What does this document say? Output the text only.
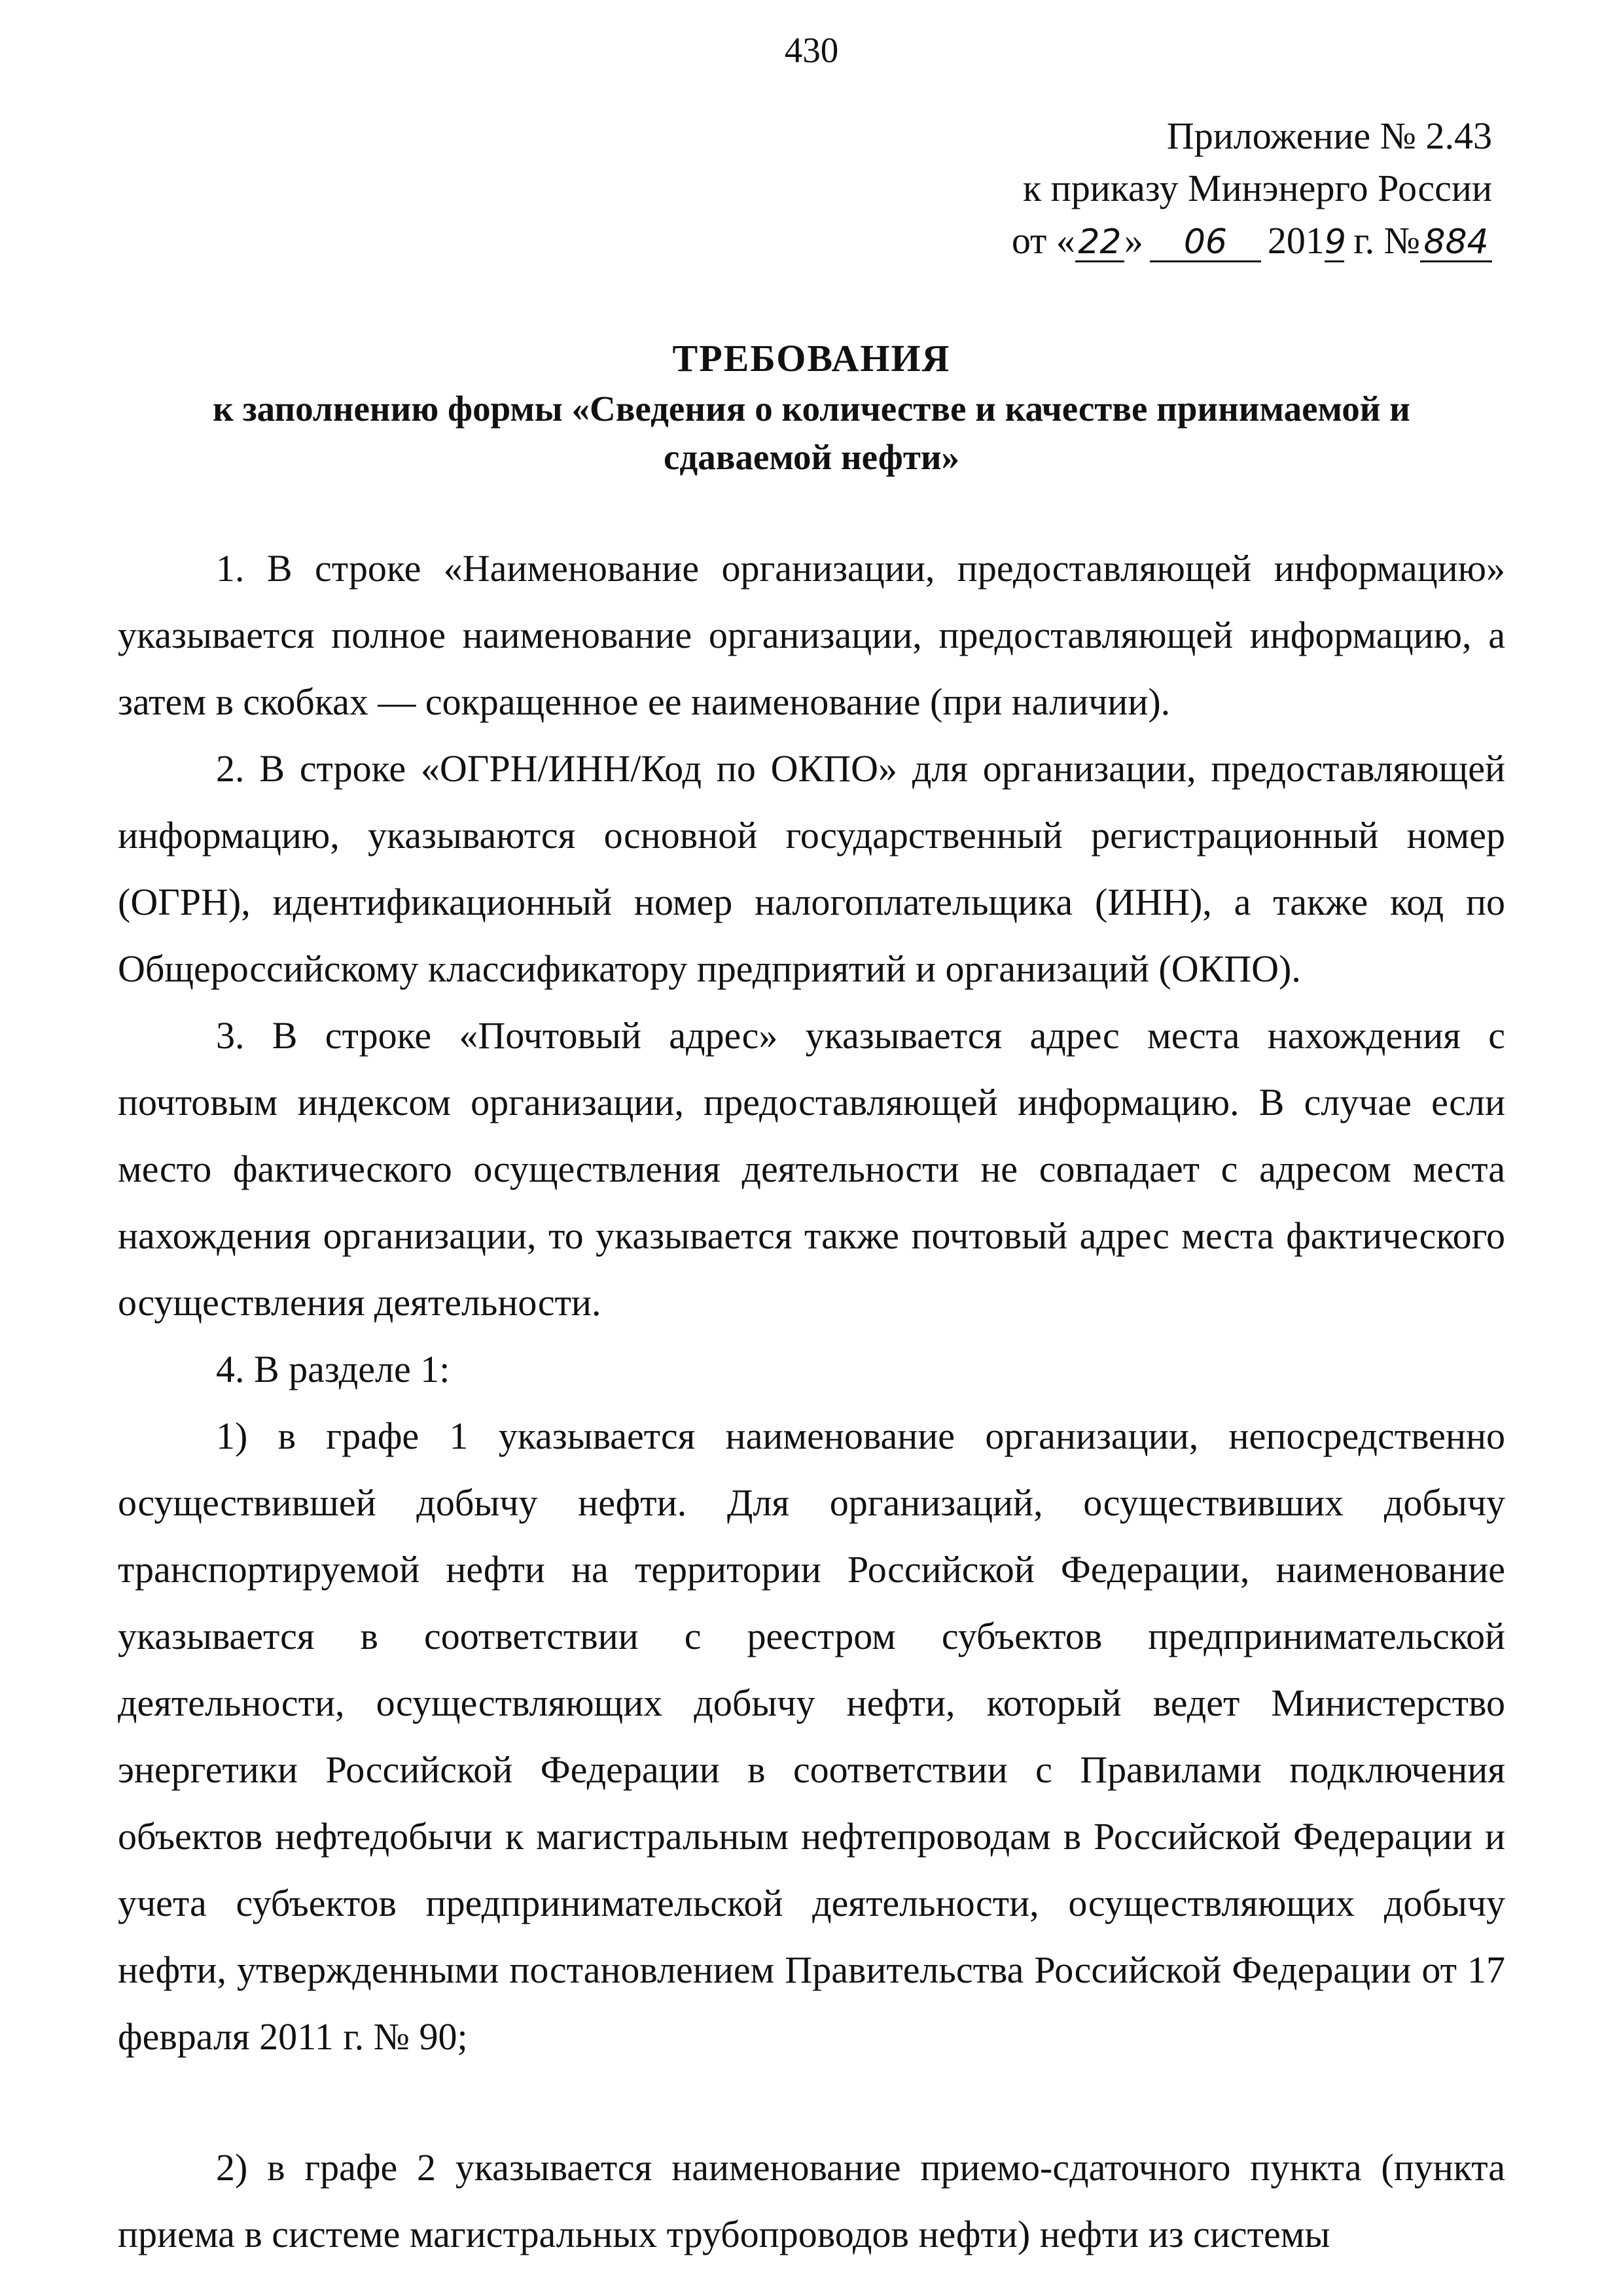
430
Приложение № 2.43
к приказу Минэнерго России
от «22» 06 2019 г. № 884
ТРЕБОВАНИЯ
к заполнению формы «Сведения о количестве и качестве принимаемой и
сдаваемой нефти»

1. В строке «Наименование организации, предоставляющей информацию» указывается полное наименование организации, предоставляющей информацию, а затем в скобках — сокращенное ее наименование (при наличии).

2. В строке «ОГРН/ИНН/Код по ОКПО» для организации, предоставляющей информацию, указываются основной государственный регистрационный номер (ОГРН), идентификационный номер налогоплательщика (ИНН), а также код по Общероссийскому классификатору предприятий и организаций (ОКПО).

3. В строке «Почтовый адрес» указывается адрес места нахождения с почтовым индексом организации, предоставляющей информацию. В случае если место фактического осуществления деятельности не совпадает с адресом места нахождения организации, то указывается также почтовый адрес места фактического осуществления деятельности.

4. В разделе 1:

1) в графе 1 указывается наименование организации, непосредственно осуществившей добычу нефти. Для организаций, осуществивших добычу транспортируемой нефти на территории Российской Федерации, наименование указывается в соответствии с реестром субъектов предпринимательской деятельности, осуществляющих добычу нефти, который ведет Министерство энергетики Российской Федерации в соответствии с Правилами подключения объектов нефтедобычи к магистральным нефтепроводам в Российской Федерации и учета субъектов предпринимательской деятельности, осуществляющих добычу нефти, утвержденными постановлением Правительства Российской Федерации от 17 февраля 2011 г. № 90;

2) в графе 2 указывается наименование приемо-сдаточного пункта (пункта приема в системе магистральных трубопроводов нефти) нефти из системы
